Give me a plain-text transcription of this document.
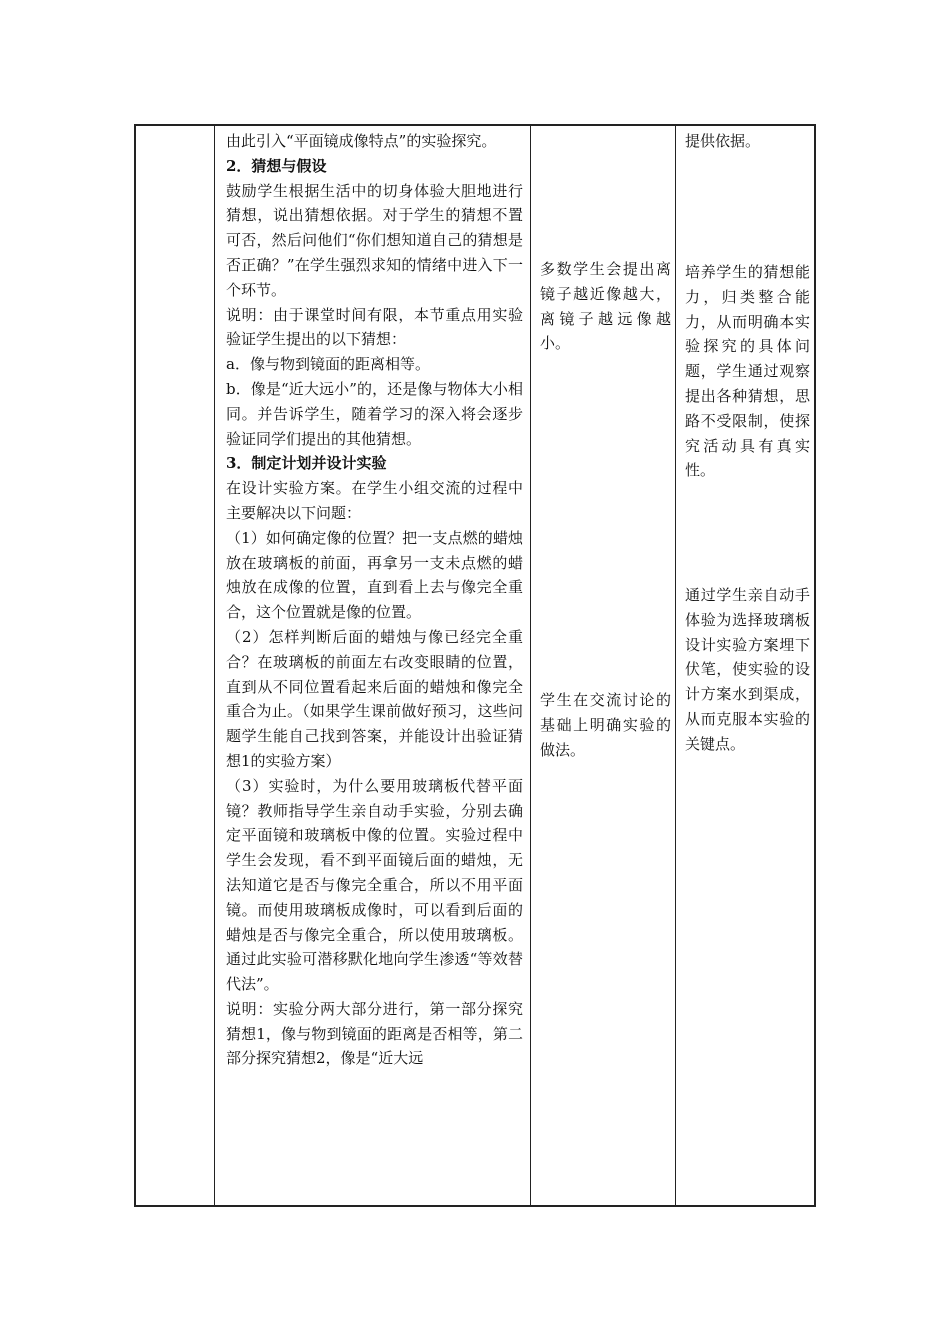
由此引入“平面镜成像特点”的实验探究。
2．猜想与假设
鼓励学生根据生活中的切身体验大胆地进行猜想，说出猜想依据。对于学生的猜想不置可否，然后问他们“你们想知道自己的猜想是否正确？”在学生强烈求知的情绪中进入下一个环节。
说明：由于课堂时间有限，本节重点用实验验证学生提出的以下猜想：
a．像与物到镜面的距离相等。
b．像是“近大远小”的，还是像与物体大小相同。并告诉学生，随着学习的深入将会逐步验证同学们提出的其他猜想。
3．制定计划并设计实验
在设计实验方案。在学生小组交流的过程中主要解决以下问题：
（1）如何确定像的位置？把一支点燃的蜡烛放在玻璃板的前面，再拿另一支未点燃的蜡烛放在成像的位置，直到看上去与像完全重合，这个位置就是像的位置。
（2）怎样判断后面的蜡烛与像已经完全重合？在玻璃板的前面左右改变眼睛的位置，直到从不同位置看起来后面的蜡烛和像完全重合为止。（如果学生课前做好预习，这些问题学生能自己找到答案，并能设计出验证猜想1的实验方案）
（3）实验时，为什么要用玻璃板代替平面镜？教师指导学生亲自动手实验，分别去确定平面镜和玻璃板中像的位置。实验过程中学生会发现，看不到平面镜后面的蜡烛，无法知道它是否与像完全重合，所以不用平面镜。而使用玻璃板成像时，可以看到后面的蜡烛是否与像完全重合，所以使用玻璃板。通过此实验可潜移默化地向学生渗透“等效替代法”。
说明：实验分两大部分进行，第一部分探究猜想1，像与物到镜面的距离是否相等，第二部分探究猜想2，像是“近大远
多数学生会提出离镜子越近像越大，离镜子越远像越小。
学生在交流讨论的基础上明确实验的做法。
提供依据。
培养学生的猜想能力，归类整合能力，从而明确本实验探究的具体问题，学生通过观察提出各种猜想，思路不受限制，使探究活动具有真实性。
通过学生亲自动手体验为选择玻璃板设计实验方案埋下伏笔，使实验的设计方案水到渠成，从而克服本实验的关键点。
